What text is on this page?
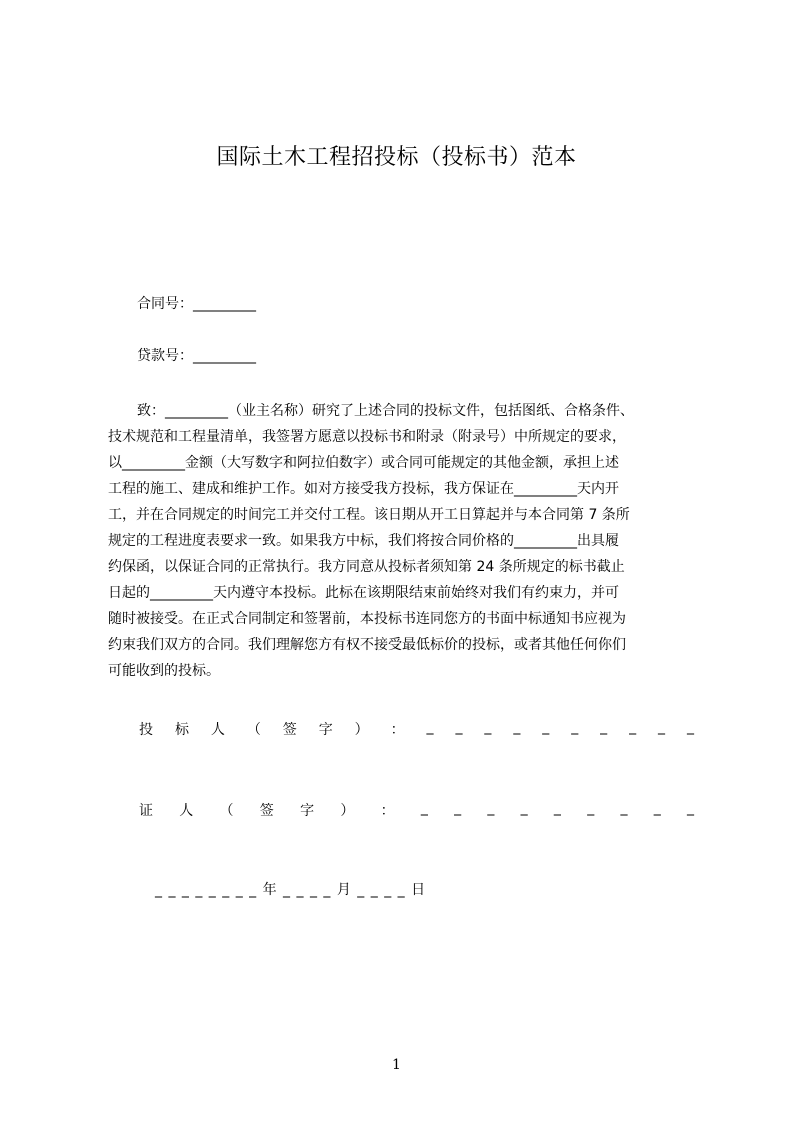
国际土木工程招投标（投标书）范本
合同号：_________
贷款号：_________
致：_________（业主名称）研究了上述合同的投标文件，包括图纸、合格条件、
技术规范和工程量清单，我签署方愿意以投标书和附录（附录号）中所规定的要求，
以_________金额（大写数字和阿拉伯数字）或合同可能规定的其他金额，承担上述
工程的施工、建成和维护工作。如对方接受我方投标，我方保证在_________天内开
工，并在合同规定的时间完工并交付工程。该日期从开工日算起并与本合同第 7 条所
规定的工程进度表要求一致。如果我方中标，我们将按合同价格的_________出具履
约保函，以保证合同的正常执行。我方同意从投标者须知第 24 条所规定的标书截止
日起的_________天内遵守本投标。此标在该期限结束前始终对我们有约束力，并可
随时被接受。在正式合同制定和签署前，本投标书连同您方的书面中标通知书应视为
约束我们双方的合同。我们理解您方有权不接受最低标价的投标，或者其他任何你们
可能收到的投标。
投 标 人 （ 签 字 ） ： _ _ _ _ _ _ _ _ _ _
证 人 （ 签 字 ） ： _ _ _ _ _ _ _ _ _
_ _ _ _ _ _ _ _ 年 _ _ _ _ 月 _ _ _ _ 日
1
